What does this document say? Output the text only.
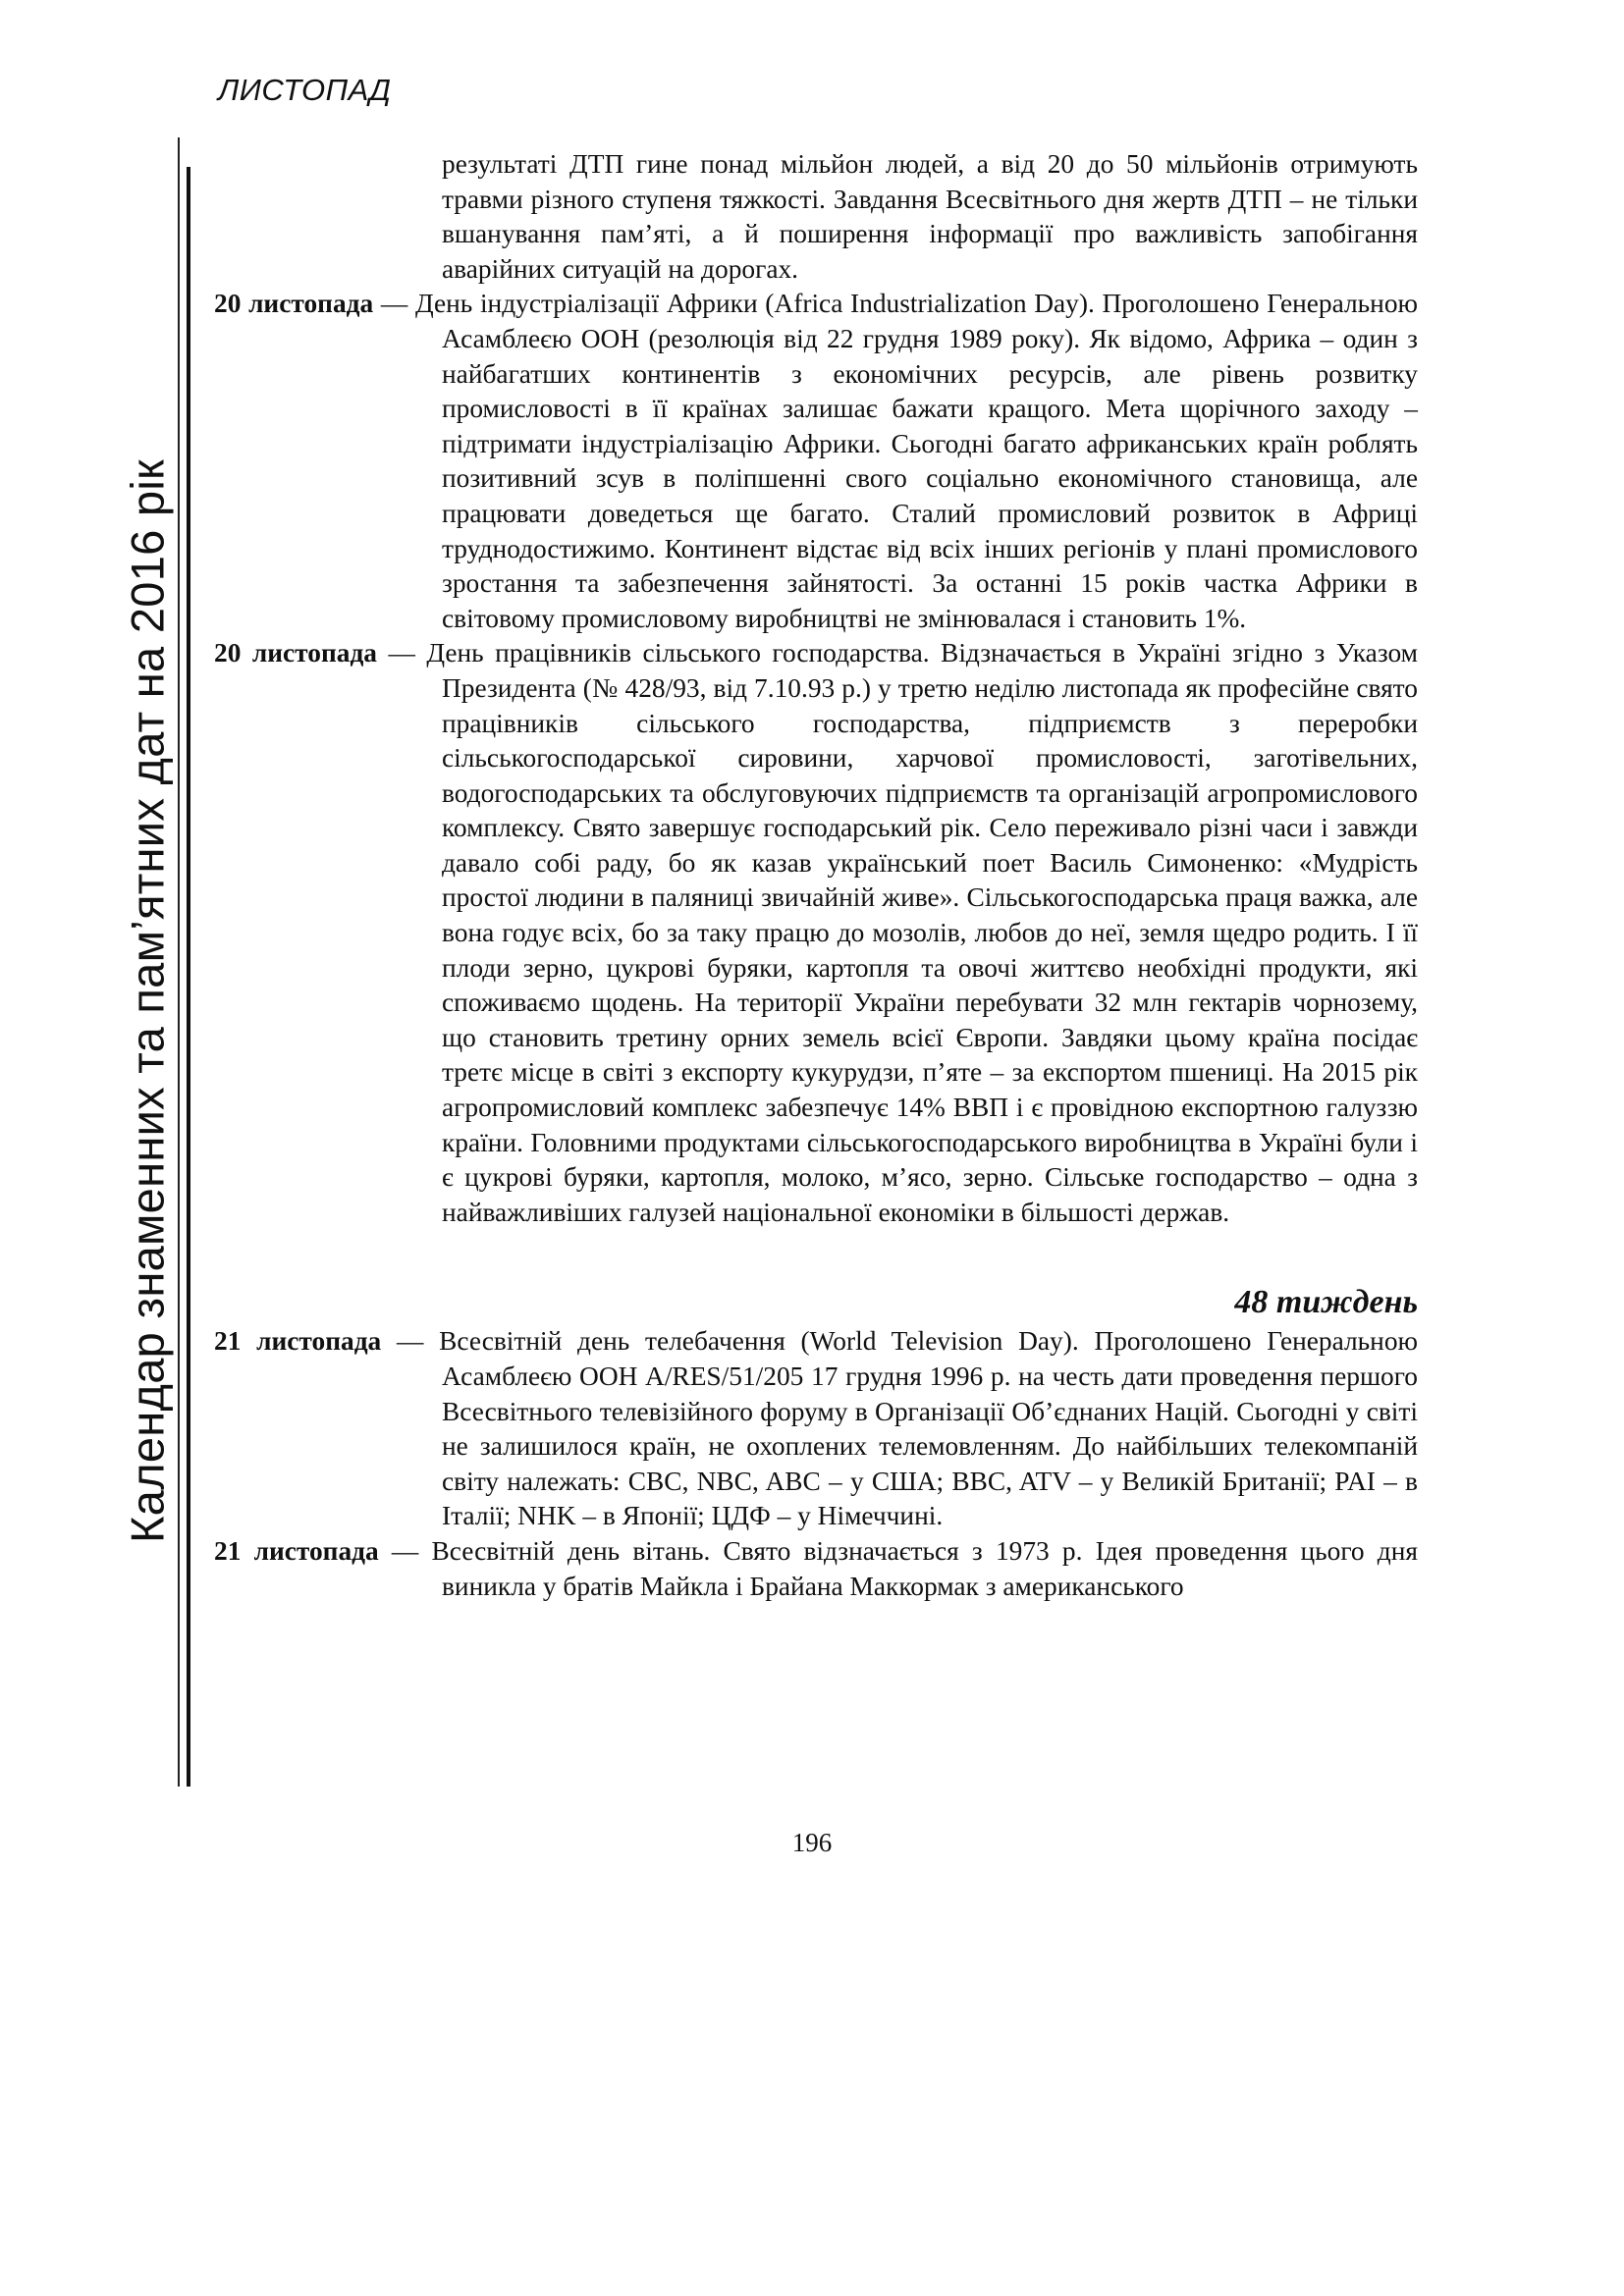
ЛИСТОПАД
Календар знаменних та пам’ятних дат на 2016 рік

результаті ДТП гине понад мільйон людей, а від 20 до 50 мільйонів отримують травми різного ступеня тяжкості. Завдання Всесвітнього дня жертв ДТП – не тільки вшанування пам’яті, а й поширення інформації про важливість запобігання аварійних ситуацій на дорогах.

20 листопада — День індустріалізації Африки (Africa Industrialization Day). Проголошено Генеральною Асамблеєю ООН (резолюція від 22 грудня 1989 року). Як відомо, Африка – один з найбагатших континентів з економічних ресурсів, але рівень розвитку промисловості в її країнах залишає бажати кращого. Мета щорічного заходу – підтримати індустріалізацію Африки. Сьогодні багато африканських країн роблять позитивний зсув в поліпшенні свого соціально економічного становища, але працювати доведеться ще багато. Сталий промисловий розвиток в Африці труднодостижимо. Континент відстає від всіх інших регіонів у плані промислового зростання та забезпечення зайнятості. За останні 15 років частка Африки в світовому промисловому виробництві не змінювалася і становить 1%.

20 листопада — День працівників сільського господарства. Відзначається в Україні згідно з Указом Президента (№ 428/93, від 7.10.93 р.) у третю неділю листопада як професійне свято працівників сільського господарства, підприємств з переробки сільськогосподарської сировини, харчової промисловості, заготівельних, водогосподарських та обслуговуючих підприємств та організацій агропромислового комплексу. Свято завершує господарський рік. Село переживало різні часи і завжди давало собі раду, бо як казав український поет Василь Симоненко: «Мудрість простої людини в паляниці звичайній живе». Сільськогосподарська праця важка, але вона годує всіх, бо за таку працю до мозолів, любов до неї, земля щедро родить. І її плоди зерно, цукрові буряки, картопля та овочі життєво необхідні продукти, які споживаємо щодень. На території України перебувати 32 млн гектарів чорнозему, що становить третину орних земель всієї Європи. Завдяки цьому країна посідає третє місце в світі з експорту кукурудзи, п’яте – за експортом пшениці. На 2015 рік агропромисловий комплекс забезпечує 14% ВВП і є провідною експортною галуззю країни. Головними продуктами сільськогосподарського виробництва в Україні були і є цукрові буряки, картопля, молоко, м’ясо, зерно. Сільське господарство – одна з найважливіших галузей національної економіки в більшості держав.

48 тиждень

21 листопада — Всесвітній день телебачення (World Television Day). Проголошено Генеральною Асамблеєю ООН A/RES/51/205 17 грудня 1996 р. на честь дати проведення першого Всесвітнього телевізійного форуму в Організації Об’єднаних Націй. Сьогодні у світі не залишилося країн, не охоплених телемовленням. До найбільших телекомпаній світу належать: CBC, NBC, ABC – у США; BBC, ATV – у Великій Британії; PAI – в Італії; NHK – в Японії; ЦДФ – у Німеччині.

21 листопада — Всесвітній день вітань. Свято відзначається з 1973 р. Ідея проведення цього дня виникла у братів Майкла і Брайана Маккормак з американського

196
